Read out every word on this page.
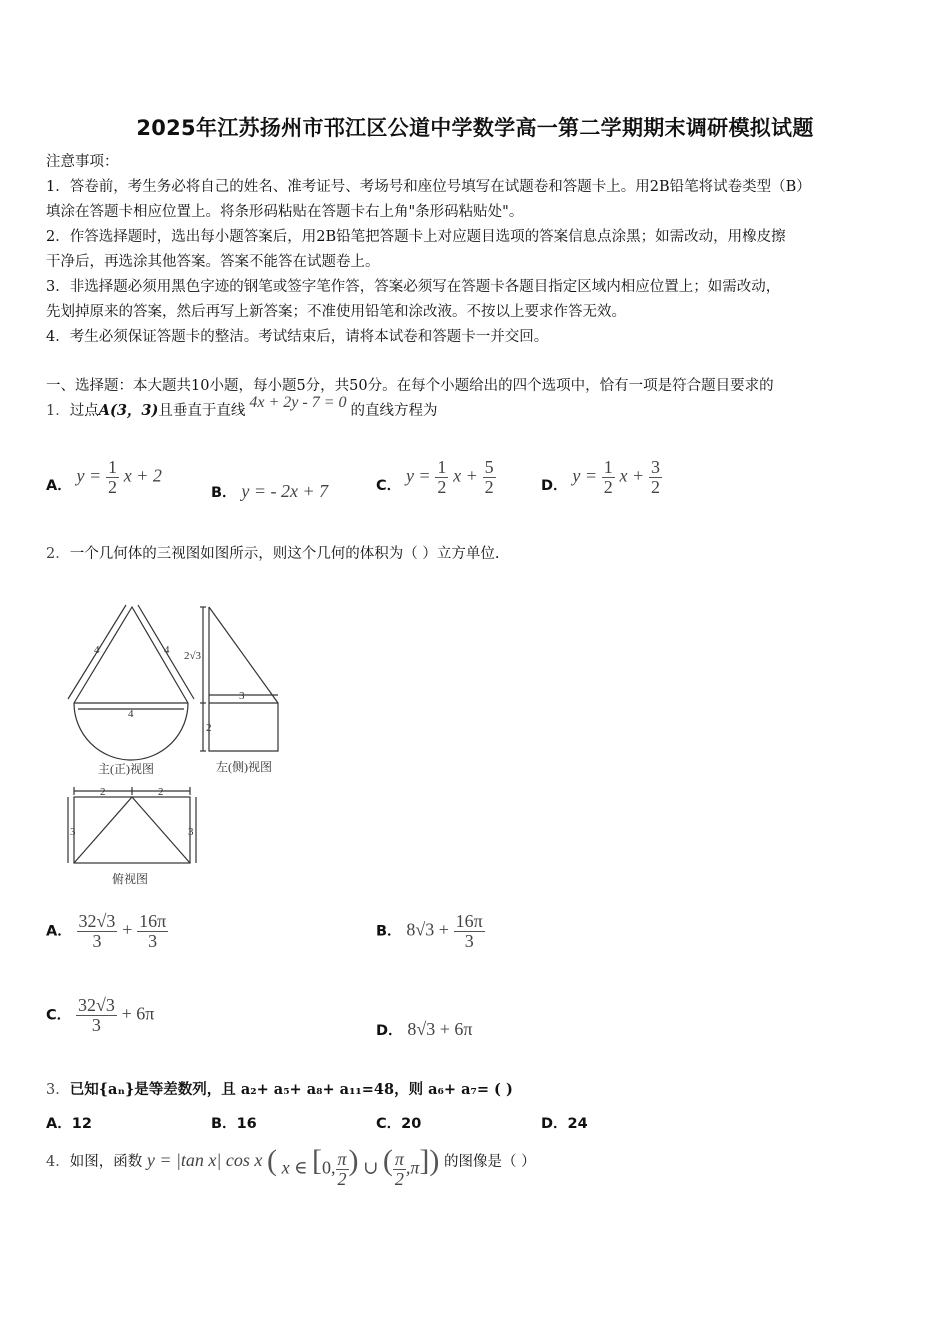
2025年江苏扬州市邗江区公道中学数学高一第二学期期末调研模拟试题
注意事项：
1．答卷前，考生务必将自己的姓名、准考证号、考场号和座位号填写在试题卷和答题卡上。用2B铅笔将试卷类型（B）
填涂在答题卡相应位置上。将条形码粘贴在答题卡右上角"条形码粘贴处"。
2．作答选择题时，选出每小题答案后，用2B铅笔把答题卡上对应题目选项的答案信息点涂黑；如需改动，用橡皮擦
干净后，再选涂其他答案。答案不能答在试题卷上。
3．非选择题必须用黑色字迹的钢笔或签字笔作答，答案必须写在答题卡各题目指定区域内相应位置上；如需改动，
先划掉原来的答案，然后再写上新答案；不准使用铅笔和涂改液。不按以上要求作答无效。
4．考生必须保证答题卡的整洁。考试结束后，请将本试卷和答题卡一并交回。
一、选择题：本大题共10小题，每小题5分，共50分。在每个小题给出的四个选项中，恰有一项是符合题目要求的
1．过点A(3，3)且垂直于直线 4x + 2y - 7 = 0 的直线方程为
A． $y = \frac{1}{2}$ x + 2
B． y = - 2x + 7	C． $y = \frac{1}{2}$ $x + \frac{5}{2}$	D． $y = \frac{1}{2}$ $x + \frac{3}{2}$
2．一个几何体的三视图如图所示，则这个几何的体积为（ ）立方单位.
4	4
4
2√3
3
2
2	2
3	3
主(正)视图	左(侧)视图
俯视图
A． $\frac{32√3}{3} + \frac{16\pi}{3}$	B． $8√3 + \frac{16\pi}{3}$
C． $\frac{32√3}{3} + 6\pi$
D． 8√3 + 6π
3．已知{aₙ}是等差数列，且 a₂+ a₅+ a₈+ a₁₁=48，则 a₆+ a₇= ( )
A．12	B．16	C．20	D．24
4．如图，函数 y = |tan x| cos x ( x ∈ [0, $\frac{\pi}{2}$ ) ∪ ( $\frac{\pi}{2} ,\pi$]) 的图像是（ ）
